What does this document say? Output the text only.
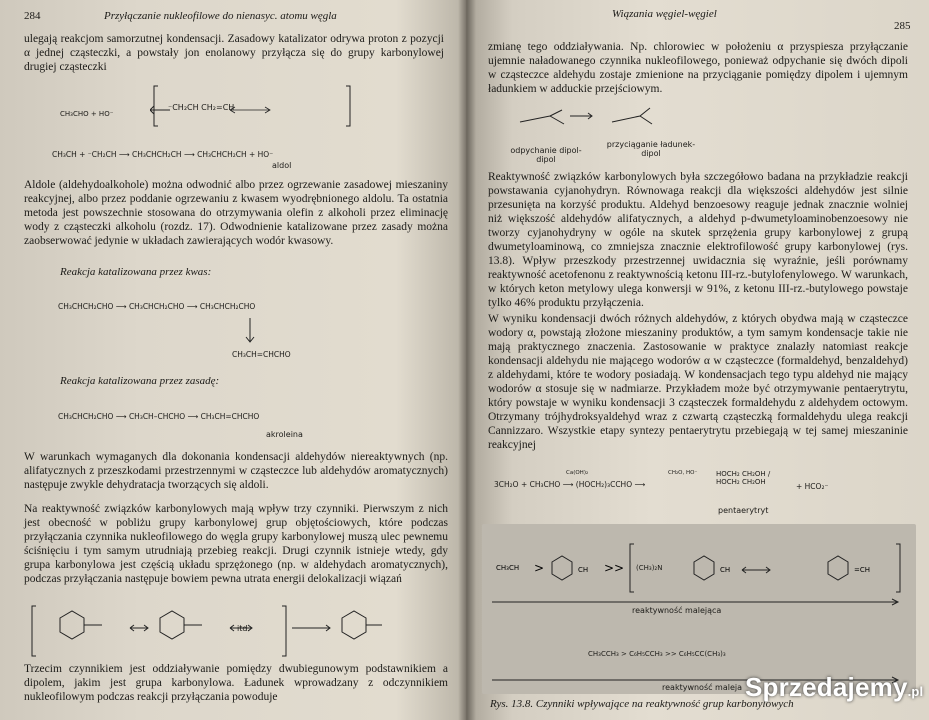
284	Przyłączanie nukleofilowe do nienasyc. atomu węgla
ulegają reakcjom samorzutnej kondensacji. Zasadowy katalizator odrywa proton z pozycji α jednej cząsteczki, a powstały jon enolanowy przyłącza się do grupy karbonylowej drugiej cząsteczki
CH₃CHO + HO⁻
⁻CH₂CH CH₂=CH
CH₃CH + ⁻CH₂CH ⟶ CH₃CHCH₂CH ⟶ CH₃CHCH₂CH + HO⁻
aldol
Aldole (aldehydoalkohole) można odwodnić albo przez ogrzewanie zasadowej mieszaniny reakcyjnej, albo przez poddanie ogrzewaniu z kwasem wyodrębnionego aldolu. Ta ostatnia metoda jest powszechnie stosowana do otrzymywania olefin z alkoholi przez eliminację wody z cząsteczki alkoholu (rozdz. 17). Odwodnienie katalizowane przez zasady można zaobserwować jedynie w układach zawierających wodór kwasowy.
Reakcja katalizowana przez kwas:
CH₃CHCH₂CHO ⟶ CH₃CHCH₂CHO ⟶ CH₃CHCH₂CHO
CH₃CH=CHCHO
Reakcja katalizowana przez zasadę:
CH₃CHCH₂CHO ⟶ CH₃CH–CHCHO ⟶ CH₃CH=CHCHO
akroleina
W warunkach wymaganych dla dokonania kondensacji aldehydów niereaktywnych (np. alifatycznych z przeszkodami przestrzennymi w cząsteczce lub aldehydów aromatycznych) następuje zwykle dehydratacja tworzących się aldoli.
Na reaktywność związków karbonylowych mają wpływ trzy czynniki. Pierwszym z nich jest obecność w pobliżu grupy karbonylowej grup objętościowych, które podczas przyłączania czynnika nukleofilowego do węgla grupy karbonylowej muszą ulec pewnemu ściśnięciu i tym samym utrudniają przebieg reakcji. Drugi czynnik istnieje wtedy, gdy grupa karbonylowa jest częścią układu sprzężonego (np. w aldehydach aromatycznych), podczas przyłączania następuje bowiem pewna utrata energii delokalizacji wiązań
itd.
Trzecim czynnikiem jest oddziaływanie pomiędzy dwubiegunowym podstawnikiem a dipolem, jakim jest grupa karbonylowa. Ładunek wprowadzany z odczynnikiem nukleofilowym podczas reakcji przyłączania powoduje
Wiązania węgiel-węgiel
285
zmianę tego oddziaływania. Np. chlorowiec w położeniu α przyspiesza przyłączanie ujemnie naładowanego czynnika nukleofilowego, ponieważ odpychanie się dwóch dipoli w cząsteczce aldehydu zostaje zmienione na przyciąganie pomiędzy dipolem i ujemnym ładunkiem w adduckie przejściowym.
odpychanie dipol-dipol
przyciąganie ładunek-dipol
Reaktywność związków karbonylowych była szczegółowo badana na przykładzie reakcji powstawania cyjanohydryn. Równowaga reakcji dla większości aldehydów jest silnie przesunięta na korzyść produktu. Aldehyd benzoesowy reaguje jednak znacznie wolniej niż większość aldehydów alifatycznych, a aldehyd p-dwumetyloaminobenzoesowy nie tworzy cyjanohydryny w ogóle na skutek sprzężenia grupy karbonylowej z grupą dwumetyloaminową, co zmniejsza znacznie elektrofilowość grupy karbonylowej (rys. 13.8). Wpływ przeszkody przestrzennej uwidacznia się wyraźnie, jeśli porównamy reaktywność acetofenonu z reaktywnością ketonu III-rz.-butylofenylowego. W warunkach, w których keton metylowy ulega konwersji w 91%, z ketonu III-rz.-butylowego powstaje tylko 46% produktu przyłączenia.
W wyniku kondensacji dwóch różnych aldehydów, z których obydwa mają w cząsteczce wodory α, powstają złożone mieszaniny produktów, a tym samym kondensacje takie nie mają praktycznego znaczenia. Zastosowanie w praktyce znalazły natomiast reakcje kondensacji aldehydu nie mającego wodorów α w cząsteczce (formaldehyd, benzaldehyd) z aldehydami, które te wodory posiadają. W kondensacjach tego typu aldehyd nie mający wodorów α stosuje się w nadmiarze. Przykładem może być otrzymywanie pentaerytrytu, który powstaje w wyniku kondensacji 3 cząsteczek formaldehydu z aldehydem octowym. Otrzymany trójhydroksyaldehyd wraz z czwartą cząsteczką formaldehydu ulega reakcji Cannizzaro. Wszystkie etapy syntezy pentaerytrytu przebiegają w tej samej mieszaninie reakcyjnej
3CH₂O + CH₃CHO ⟶ (HOCH₂)₃CCHO ⟶
Ca(OH)₂	CH₂O, HO⁻	HOCH₂ CH₂OH / HOCH₂ CH₂OH	+ HCO₂⁻
pentaerytryt
CH₃CH >	CH >>	CH	=CH
(CH₃)₂N
reaktywność malejąca
CH₃CCH₃ > C₆H₅CCH₃ >> C₆H₅CC(CH₃)₃
reaktywność maleja
Rys. 13.8. Czynniki wpływające na reaktywność grup karbonylowych
Sprzedajemy.pl
